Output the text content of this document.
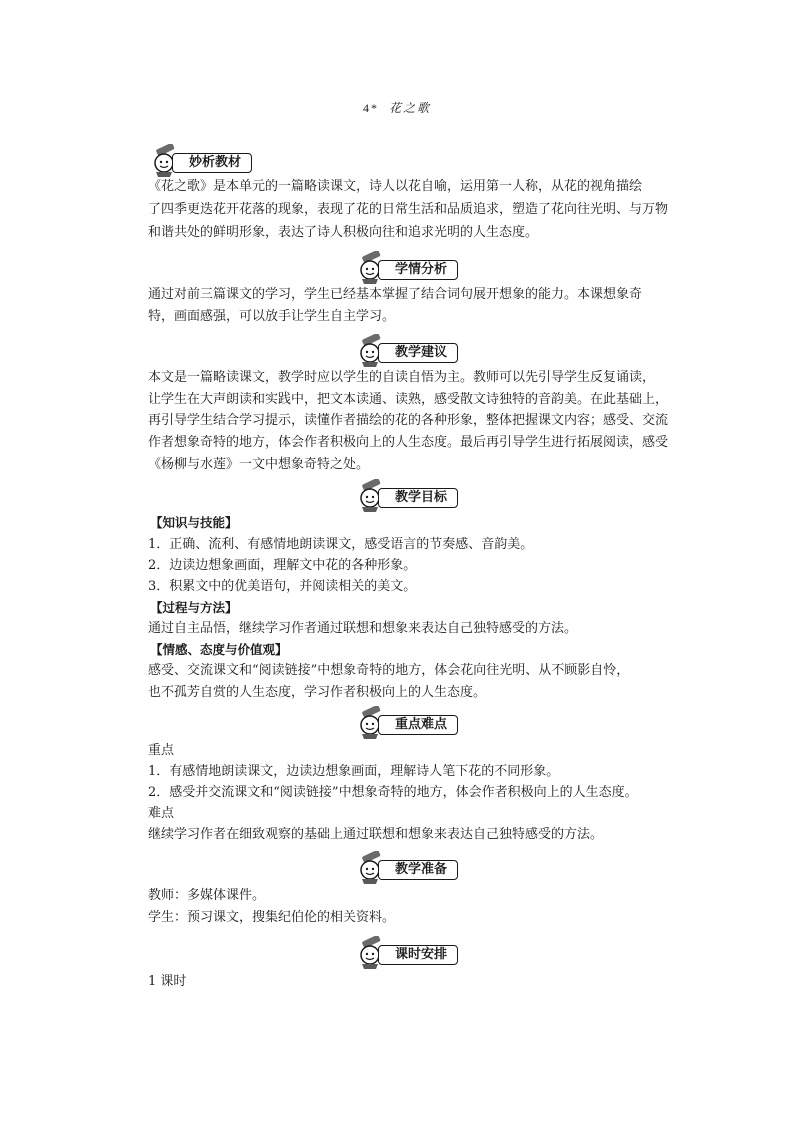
4* 花之歌
妙析教材
《花之歌》是本单元的一篇略读课文，诗人以花自喻，运用第一人称，从花的视角描绘
了四季更迭花开花落的现象，表现了花的日常生活和品质追求，塑造了花向往光明、与万物
和谐共处的鲜明形象，表达了诗人积极向往和追求光明的人生态度。
学情分析
通过对前三篇课文的学习，学生已经基本掌握了结合词句展开想象的能力。本课想象奇
特，画面感强，可以放手让学生自主学习。
教学建议
本文是一篇略读课文，教学时应以学生的自读自悟为主。教师可以先引导学生反复诵读，
让学生在大声朗读和实践中，把文本读通、读熟，感受散文诗独特的音韵美。在此基础上，
再引导学生结合学习提示，读懂作者描绘的花的各种形象，整体把握课文内容；感受、交流
作者想象奇特的地方，体会作者积极向上的人生态度。最后再引导学生进行拓展阅读，感受
《杨柳与水莲》一文中想象奇特之处。
教学目标
【知识与技能】
1．正确、流利、有感情地朗读课文，感受语言的节奏感、音韵美。
2．边读边想象画面，理解文中花的各种形象。
3．积累文中的优美语句，并阅读相关的美文。
【过程与方法】
通过自主品悟，继续学习作者通过联想和想象来表达自己独特感受的方法。
【情感、态度与价值观】
感受、交流课文和“阅读链接”中想象奇特的地方，体会花向往光明、从不顾影自怜，
也不孤芳自赏的人生态度，学习作者积极向上的人生态度。
重点难点
重点
1．有感情地朗读课文，边读边想象画面，理解诗人笔下花的不同形象。
2．感受并交流课文和“阅读链接”中想象奇特的地方，体会作者积极向上的人生态度。
难点
继续学习作者在细致观察的基础上通过联想和想象来表达自己独特感受的方法。
教学准备
教师：多媒体课件。
学生：预习课文，搜集纪伯伦的相关资料。
课时安排
1 课时
